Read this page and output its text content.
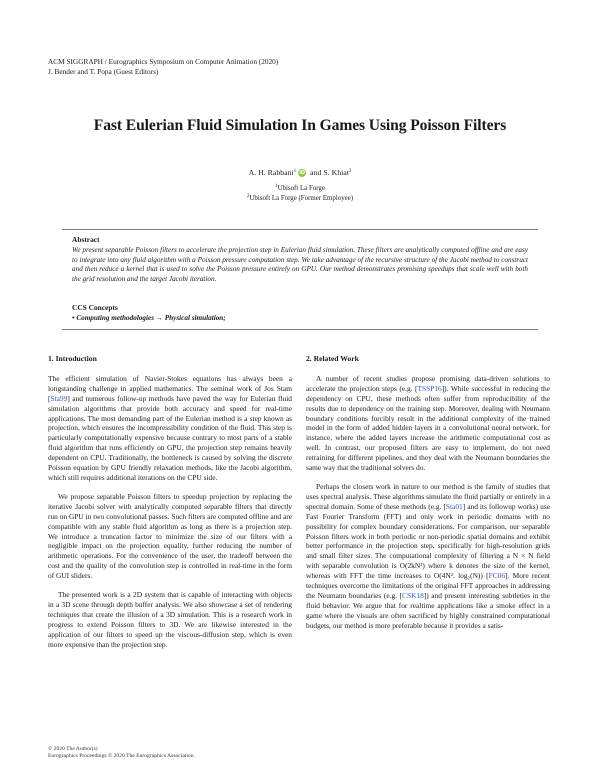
ACM SIGGRAPH / Eurographics Symposium on Computer Animation (2020)
J. Bender and T. Popa (Guest Editors)
Fast Eulerian Fluid Simulation In Games Using Poisson Filters
A. H. Rabbani$^1$ iD and S. Khiat$^2$
$^1$Ubisoft La Forge
$^2$Ubisoft La Forge (Former Employee)
Abstract
We present separable Poisson filters to accelerate the projection step in Eulerian fluid simulation. These filters are analytically computed offline and are easy to integrate into any fluid algorithm with a Poisson pressure computation step. We take advantage of the recursive structure of the Jacobi method to construct and then reduce a kernel that is used to solve the Poisson pressure entirely on GPU. Our method demonstrates promising speedups that scale well with both the grid resolution and the target Jacobi iteration.
CCS Concepts
• Computing methodologies → Physical simulation;
1. Introduction

The efficient simulation of Navier-Stokes equations has always been a longstanding challenge in applied mathematics. The seminal work of Jos Stam [Sta99] and numerous follow-up methods have paved the way for Eulerian fluid simulation algorithms that provide both accuracy and speed for real-time applications. The most demanding part of the Eulerian method is a step known as projection, which ensures the incompressibility condition of the fluid. This step is particularly computationally expensive because contrary to most parts of a stable fluid algorithm that runs efficiently on GPU, the projection step remains heavily dependent on CPU. Traditionally, the bottleneck is caused by solving the discrete Poisson equation by GPU friendly relaxation methods, like the Jacobi algorithm, which still requires additional iterations on the CPU side.

We propose separable Poisson filters to speedup projection by replacing the iterative Jacobi solver with analytically computed separable filters that directly run on GPU in two convolutional passes. Such filters are computed offline and are compatible with any stable fluid algorithm as long as there is a projection step. We introduce a truncation factor to minimize the size of our filters with a negligible impact on the projection equality, further reducing the number of arithmetic operations. For the convenience of the user, the tradeoff between the cost and the quality of the convolution step is controlled in real-time in the form of GUI sliders.

The presented work is a 2D system that is capable of interacting with objects in a 3D scene through depth buffer analysis. We also showcase a set of rendering techniques that create the illusion of a 3D simulation. This is a research work in progress to extend Poisson filters to 3D. We are likewise interested in the application of our filters to speed up the viscous-diffusion step, which is even more expensive than the projection step.

2. Related Work

A number of recent studies propose promising data-driven solutions to accelerate the projection steps (e.g. [TSSP16]). While successful in reducing the dependency on CPU, these methods often suffer from reproducibility of the results due to dependency on the training step. Moreover, dealing with Neumann boundary conditions forcibly result in the additional complexity of the trained model in the form of added hidden layers in a convolutional neural network, for instance, where the added layers increase the arithmetic computational cost as well. In contrast, our proposed filters are easy to implement, do not need retraining for different pipelines, and they deal with the Neumann boundaries the same way that the traditional solvers do.

Perhaps the closets work in nature to our method is the family of studies that uses spectral analysis. These algorithms simulate the fluid partially or entirely in a spectral domain. Some of these methods (e.g. [Sta01] and its followup works) use Fast Fourier Transform (FFT) and only work in periodic domains with no possibility for complex boundary considerations. For comparison, our separable Poisson filters work in both periodic or non-periodic spatial domains and exhibit better performance in the projection step, specifically for high-resolution grids and small filter sizes. The computational complexity of filtering a N × N field with separable convolution is O(2kN²) where k denotes the size of the kernel, whereas with FFT the time increases to O(4N². log₂(N)) [FC06]. More recent techniques overcome the limitations of the original FFT approaches in addressing the Neumann boundaries (e.g. [CSK18]) and present interesting subtleties in the fluid behavior. We argue that for realtime applications like a smoke effect in a game where the visuals are often sacrificed by highly constrained computational budgets, our method is more preferable because it provides a satis-

© 2020 The Author(s)
Eurographics Proceedings © 2020 The Eurographics Association.
